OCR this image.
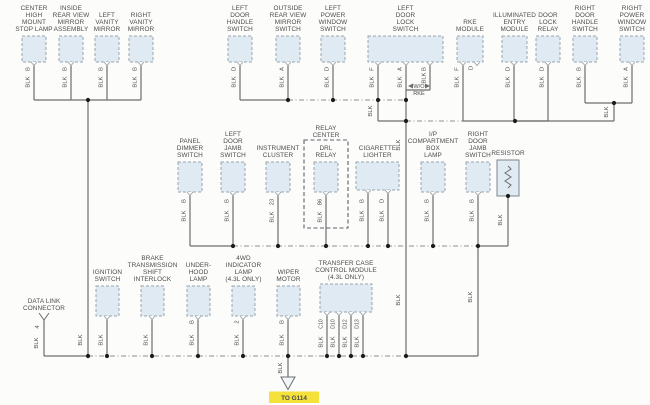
RELAY
CENTER
CENTER
HIGH
MOUNT
STOP LAMP
B
BLK
INSIDE
REAR VIEW
MIRROR
ASSEMBLY
B
BLK
LEFT
VANITY
MIRROR
B
BLK
RIGHT
VANITY
MIRROR
B
BLK
LEFT
DOOR
HANDLE
SWITCH
D
BLK
OUTSIDE
REAR VIEW
MIRROR
SWITCH
A
BLK
LEFT
POWER
WINDOW
SWITCH
D
BLK
LEFT
DOOR
LOCK
SWITCH
F
BLK
A
BLK
B
BLK
RKE
MODULE
F
BLK
D
ILLUMINATED
ENTRY
MODULE
D
BLK
DOOR
LOCK
RELAY
D
BLK
RIGHT
DOOR
HANDLE
SWITCH
B
BLK
RIGHT
POWER
WINDOW
SWITCH
A
BLK
PANEL
DIMMER
SWITCH
B
BLK
LEFT
DOOR
JAMB
SWITCH
B
BLK
INSTRUMENT
CLUSTER
23
BLK
DRL
RELAY
86
BLK
CIGARETTE
LIGHTER
B
BLK
D
BLK
I/P
COMPARTMENT
BOX
LAMP
B
BLK
RIGHT
DOOR
JAMB
SWITCH
B
BLK
RESISTOR
DATA LINK
CONNECTOR
4
BLK
IGNITION
SWITCH
BLK
BRAKE
TRANSMISSION
SHIFT
INTERLOCK
BLK
UNDER-
HOOD
LAMP
B
BLK
4WD
INDICATOR
LAMP
(4.3L ONLY)
2
BLK
WIPER
MOTOR
B
BLK
TRANSFER CASE
CONTROL MODULE
(4.3L ONLY)
C10
BLK
D10
BLK
D12
BLK
D13
BLK
BLK	BLK
BLK
BLK	BLK
BLK
BLK
BLK
W/O
RKE
TO G114
